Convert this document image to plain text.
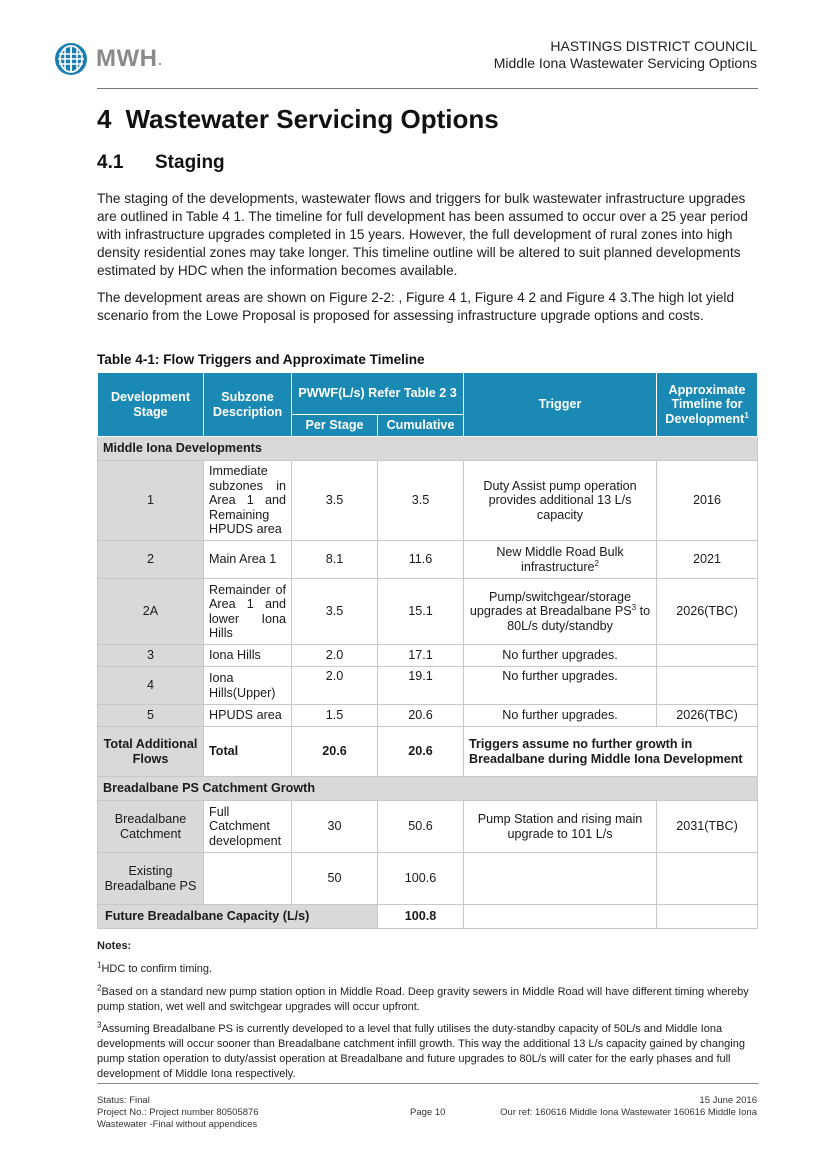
MWH .
HASTINGS DISTRICT COUNCIL
Middle Iona Wastewater Servicing Options
4 Wastewater Servicing Options
4.1 Staging

The staging of the developments, wastewater flows and triggers for bulk wastewater infrastructure upgrades are outlined in Table 4 1. The timeline for full development has been assumed to occur over a 25 year period with infrastructure upgrades completed in 15 years. However, the full development of rural zones into high density residential zones may take longer. This timeline outline will be altered to suit planned developments estimated by HDC when the information becomes available.

The development areas are shown on Figure 2-2: , Figure 4 1, Figure 4 2 and Figure 4 3.The high lot yield scenario from the Lowe Proposal is proposed for assessing infrastructure upgrade options and costs.

Table 4-1: Flow Triggers and Approximate Timeline
Development Stage	Subzone Description	PWWF(L/s) Refer Table 2 3		Trigger	Approximate Timeline for Development$^1$
		Per Stage	Cumulative		
Middle Iona Developments					
1	Immediate subzones in Area 1 and Remaining HPUDS area	3.5	3.5	Duty Assist pump operation provides additional 13 L/s capacity	2016
2	Main Area 1	8.1	11.6	New Middle Road Bulk infrastructure$^2$	2021
2A	Remainder of Area 1 and lower Iona Hills	3.5	15.1	Pump/switchgear/storage upgrades at Breadalbane $PS^3$ to 80L/s duty/standby	2026(TBC)
3	Iona Hills	2.0	17.1	No further upgrades.	
4	Iona Hills(Upper)	2.0	19.1	No further upgrades.	
5	HPUDS area	1.5	20.6	No further upgrades.	2026(TBC)
Total Additional Flows	Total	20.6	20.6	Triggers assume no further growth in Breadalbane during Middle Iona Development	
Breadalbane PS Catchment Growth					
Breadalbane Catchment	Full Catchment development	30	50.6	Pump Station and rising main upgrade to 101 L/s	2031(TBC)
Existing Breadalbane PS		50	100.6		
Future Breadalbane Capacity (L/s)			100.8		
Notes:

$^1$HDC to confirm timing.

$^2$Based on a standard new pump station option in Middle Road. Deep gravity sewers in Middle Road will have different timing whereby pump station, wet well and switchgear upgrades will occur upfront.

$^3$Assuming Breadalbane PS is currently developed to a level that fully utilises the duty-standby capacity of 50L/s and Middle Iona developments will occur sooner than Breadalbane catchment infill growth. This way the additional 13 L/s capacity gained by changing pump station operation to duty/assist operation at Breadalbane and future upgrades to 80L/s will cater for the early phases and full development of Middle Iona respectively.

Status: Final
Project No.: Project number 80505876
Wastewater -Final without appendices
Page 10
15 June 2016
Our ref: 160616 Middle Iona Wastewater 160616 Middle Iona
